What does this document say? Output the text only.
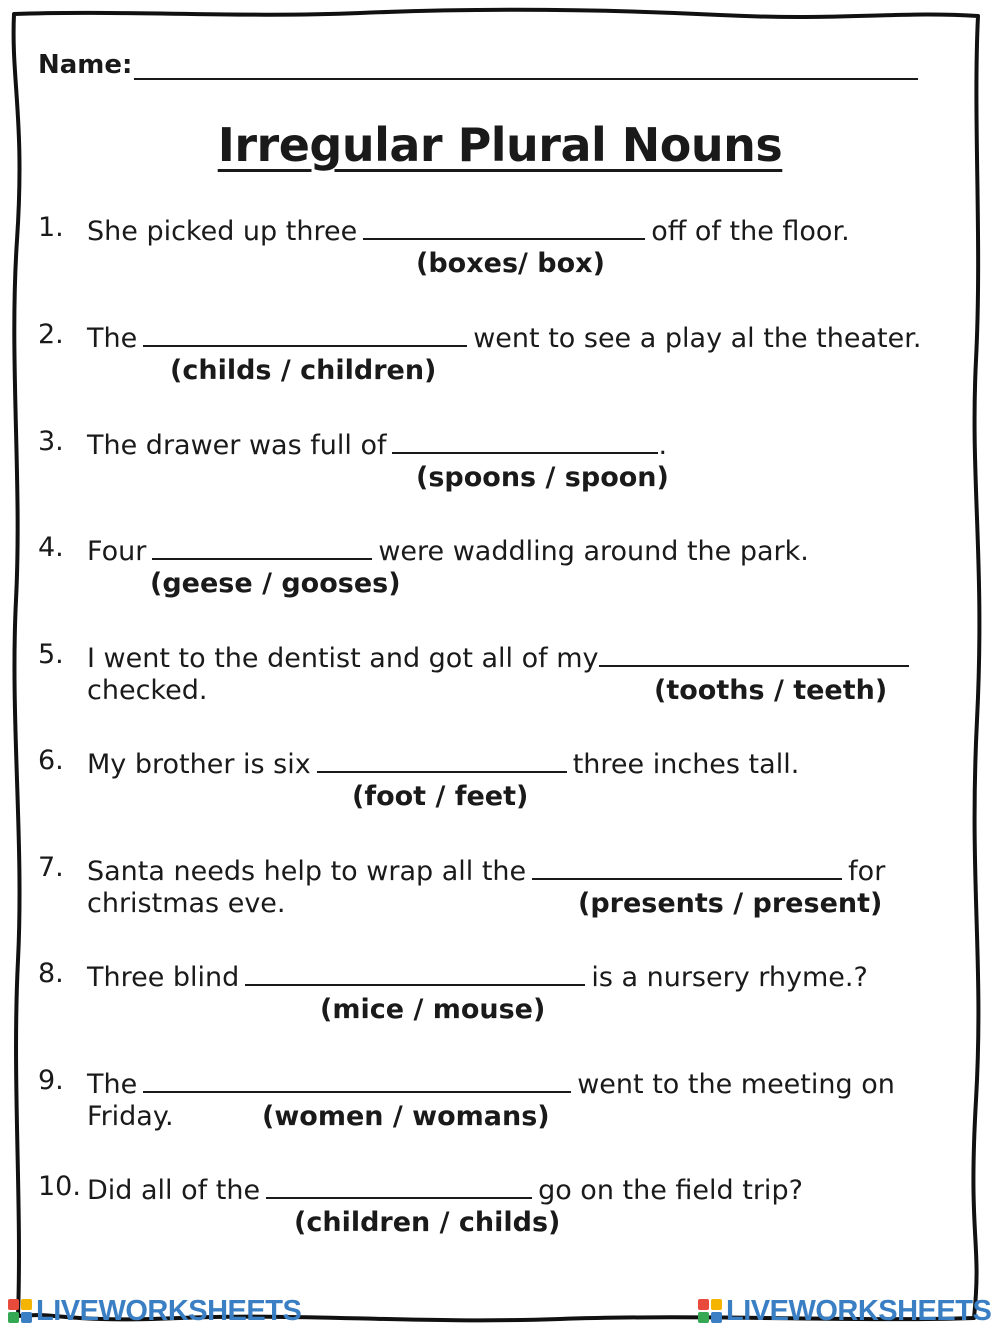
Name:
Irregular Plural Nouns
1. She picked up three	off of the floor.
(boxes/ box)
2. The	went to see a play al the theater.
(childs / children)
3. The drawer was full of	.
(spoons / spoon)
4. Four	were waddling around the park.
(geese / gooses)
5. I went to the dentist and got all of my
checked.	(tooths / teeth)
6. My brother is six	three inches tall.
(foot / feet)
7. Santa needs help to wrap all the	for
christmas eve.	(presents / present)
8. Three blind	is a nursery rhyme.?
(mice / mouse)
9. The	went to the meeting on
Friday.	(women / womans)
10. Did all of the	go on the field trip?
(children / childs)
LIVEWORKSHEETS	LIVEWORKSHEETS
